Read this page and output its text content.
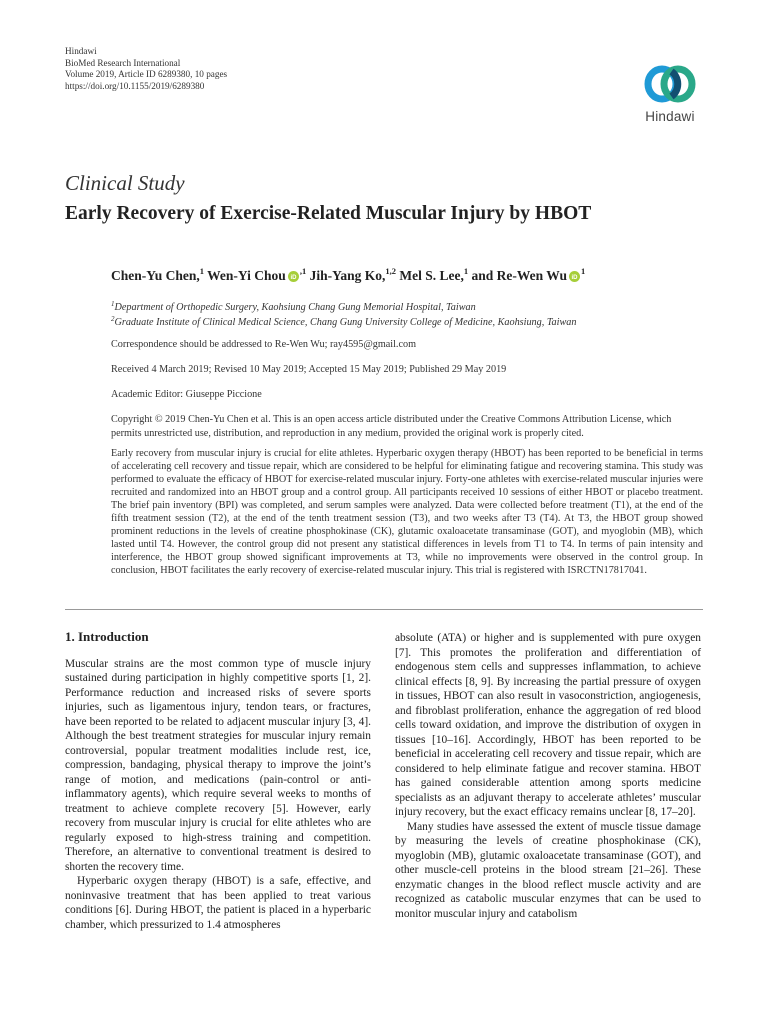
Hindawi
BioMed Research International
Volume 2019, Article ID 6289380, 10 pages
https://doi.org/10.1155/2019/6289380
Hindawi
Clinical Study
Early Recovery of Exercise-Related Muscular Injury by HBOT
Chen-Yu Chen,$^1$ Wen-Yi Chou iD
$^{,1}$ Jih-Yang Ko,$^{1,2}$ Mel S. Lee,$^1$ and Re-Wen Wu iD
$^1$
$^1$Department of Orthopedic Surgery, Kaohsiung Chang Gung Memorial Hospital, Taiwan
$^2$Graduate Institute of Clinical Medical Science, Chang Gung University College of Medicine, Kaohsiung, Taiwan
Correspondence should be addressed to Re-Wen Wu; ray4595@gmail.com
Received 4 March 2019; Revised 10 May 2019; Accepted 15 May 2019; Published 29 May 2019
Academic Editor: Giuseppe Piccione
Copyright © 2019 Chen-Yu Chen et al. This is an open access article distributed under the Creative Commons Attribution License, which permits unrestricted use, distribution, and reproduction in any medium, provided the original work is properly cited.
Early recovery from muscular injury is crucial for elite athletes. Hyperbaric oxygen therapy (HBOT) has been reported to be beneficial in terms of accelerating cell recovery and tissue repair, which are considered to be helpful for eliminating fatigue and recovering stamina. This study was performed to evaluate the efficacy of HBOT for exercise-related muscular injury. Forty-one athletes with exercise-related muscular injuries were recruited and randomized into an HBOT group and a control group. All participants received 10 sessions of either HBOT or placebo treatment. The brief pain inventory (BPI) was completed, and serum samples were analyzed. Data were collected before treatment (T1), at the end of the fifth treatment session (T2), at the end of the tenth treatment session (T3), and two weeks after T3 (T4). At T3, the HBOT group showed prominent reductions in the levels of creatine phosphokinase (CK), glutamic oxaloacetate transaminase (GOT), and myoglobin (MB), which lasted until T4. However, the control group did not present any statistical differences in levels from T1 to T4. In terms of pain intensity and interference, the HBOT group showed significant improvements at T3, while no improvements were observed in the control group. In conclusion, HBOT facilitates the early recovery of exercise-related muscular injury. This trial is registered with ISRCTN17817041.
1. Introduction

Muscular strains are the most common type of muscle injury sustained during participation in highly competitive sports [1, 2]. Performance reduction and increased risks of severe sports injuries, such as ligamentous injury, tendon tears, or fractures, have been reported to be related to adjacent muscular injury [3, 4]. Although the best treatment strategies for muscular injury remain controversial, popular treatment modalities include rest, ice, compression, bandaging, physical therapy to improve the joint’s range of motion, and medications (pain-control or anti-inflammatory agents), which require several weeks to months of treatment to achieve complete recovery [5]. However, early recovery from muscular injury is crucial for elite athletes who are regularly exposed to high-stress training and competition. Therefore, an alternative to conventional treatment is desired to shorten the recovery time.

Hyperbaric oxygen therapy (HBOT) is a safe, effective, and noninvasive treatment that has been applied to treat various conditions [6]. During HBOT, the patient is placed in a hyperbaric chamber, which pressurized to 1.4 atmospheres

absolute (ATA) or higher and is supplemented with pure oxygen [7]. This promotes the proliferation and differentiation of endogenous stem cells and suppresses inflammation, to achieve clinical effects [8, 9]. By increasing the partial pressure of oxygen in tissues, HBOT can also result in vasoconstriction, angiogenesis, and fibroblast proliferation, enhance the aggregation of red blood cells toward oxidation, and improve the distribution of oxygen in tissues [10–16]. Accordingly, HBOT has been reported to be beneficial in accelerating cell recovery and tissue repair, which are considered to help eliminate fatigue and recover stamina. HBOT has gained considerable attention among sports medicine specialists as an adjuvant therapy to accelerate athletes’ muscular injury recovery, but the exact efficacy remains unclear [8, 17–20].

Many studies have assessed the extent of muscle tissue damage by measuring the levels of creatine phosphokinase (CK), myoglobin (MB), glutamic oxaloacetate transaminase (GOT), and other muscle-cell proteins in the blood stream [21–26]. These enzymatic changes in the blood reflect muscle activity and are recognized as catabolic muscular enzymes that can be used to monitor muscular injury and catabolism
